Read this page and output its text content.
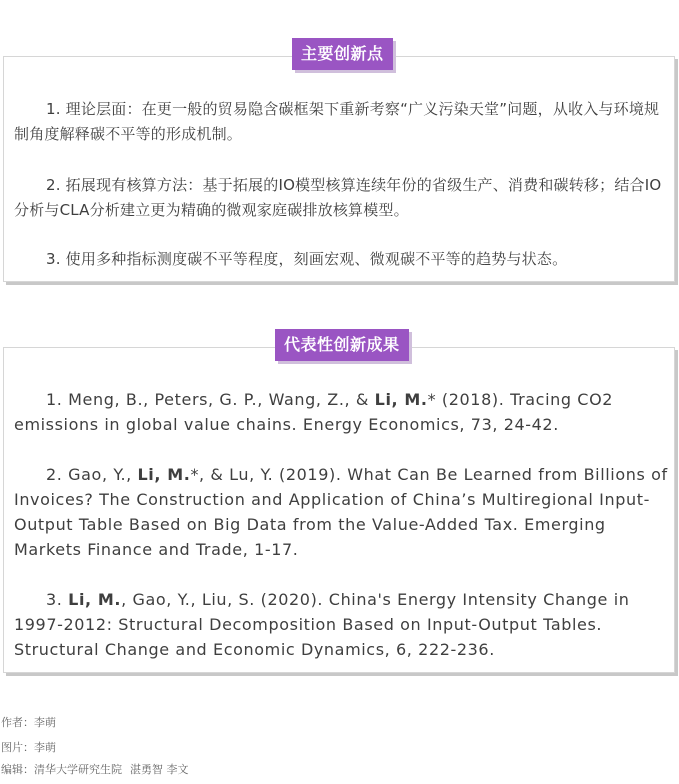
1. 理论层面：在更一般的贸易隐含碳框架下重新考察“广义污染天堂”问题，从收入与环境规制角度解释碳不平等的形成机制。

2. 拓展现有核算方法：基于拓展的IO模型核算连续年份的省级生产、消费和碳转移；结合IO分析与CLA分析建立更为精确的微观家庭碳排放核算模型。

3. 使用多种指标测度碳不平等程度，刻画宏观、微观碳不平等的趋势与状态。

主要创新点

1. Meng, B., Peters, G. P., Wang, Z., & Li, M.* (2018). Tracing CO2 emissions in global value chains. Energy Economics, 73, 24-42.

2. Gao, Y., Li, M.*, & Lu, Y. (2019). What Can Be Learned from Billions of Invoices? The Construction and Application of China’s Multiregional Input-Output Table Based on Big Data from the Value-Added Tax. Emerging Markets Finance and Trade, 1-17.

3. Li, M., Gao, Y., Liu, S. (2020). China's Energy Intensity Change in 1997-2012: Structural Decomposition Based on Input-Output Tables. Structural Change and Economic Dynamics, 6, 222-236.

代表性创新成果
作者：李萌
图片：李萌
编辑：清华大学研究生院 湛勇智 李文
